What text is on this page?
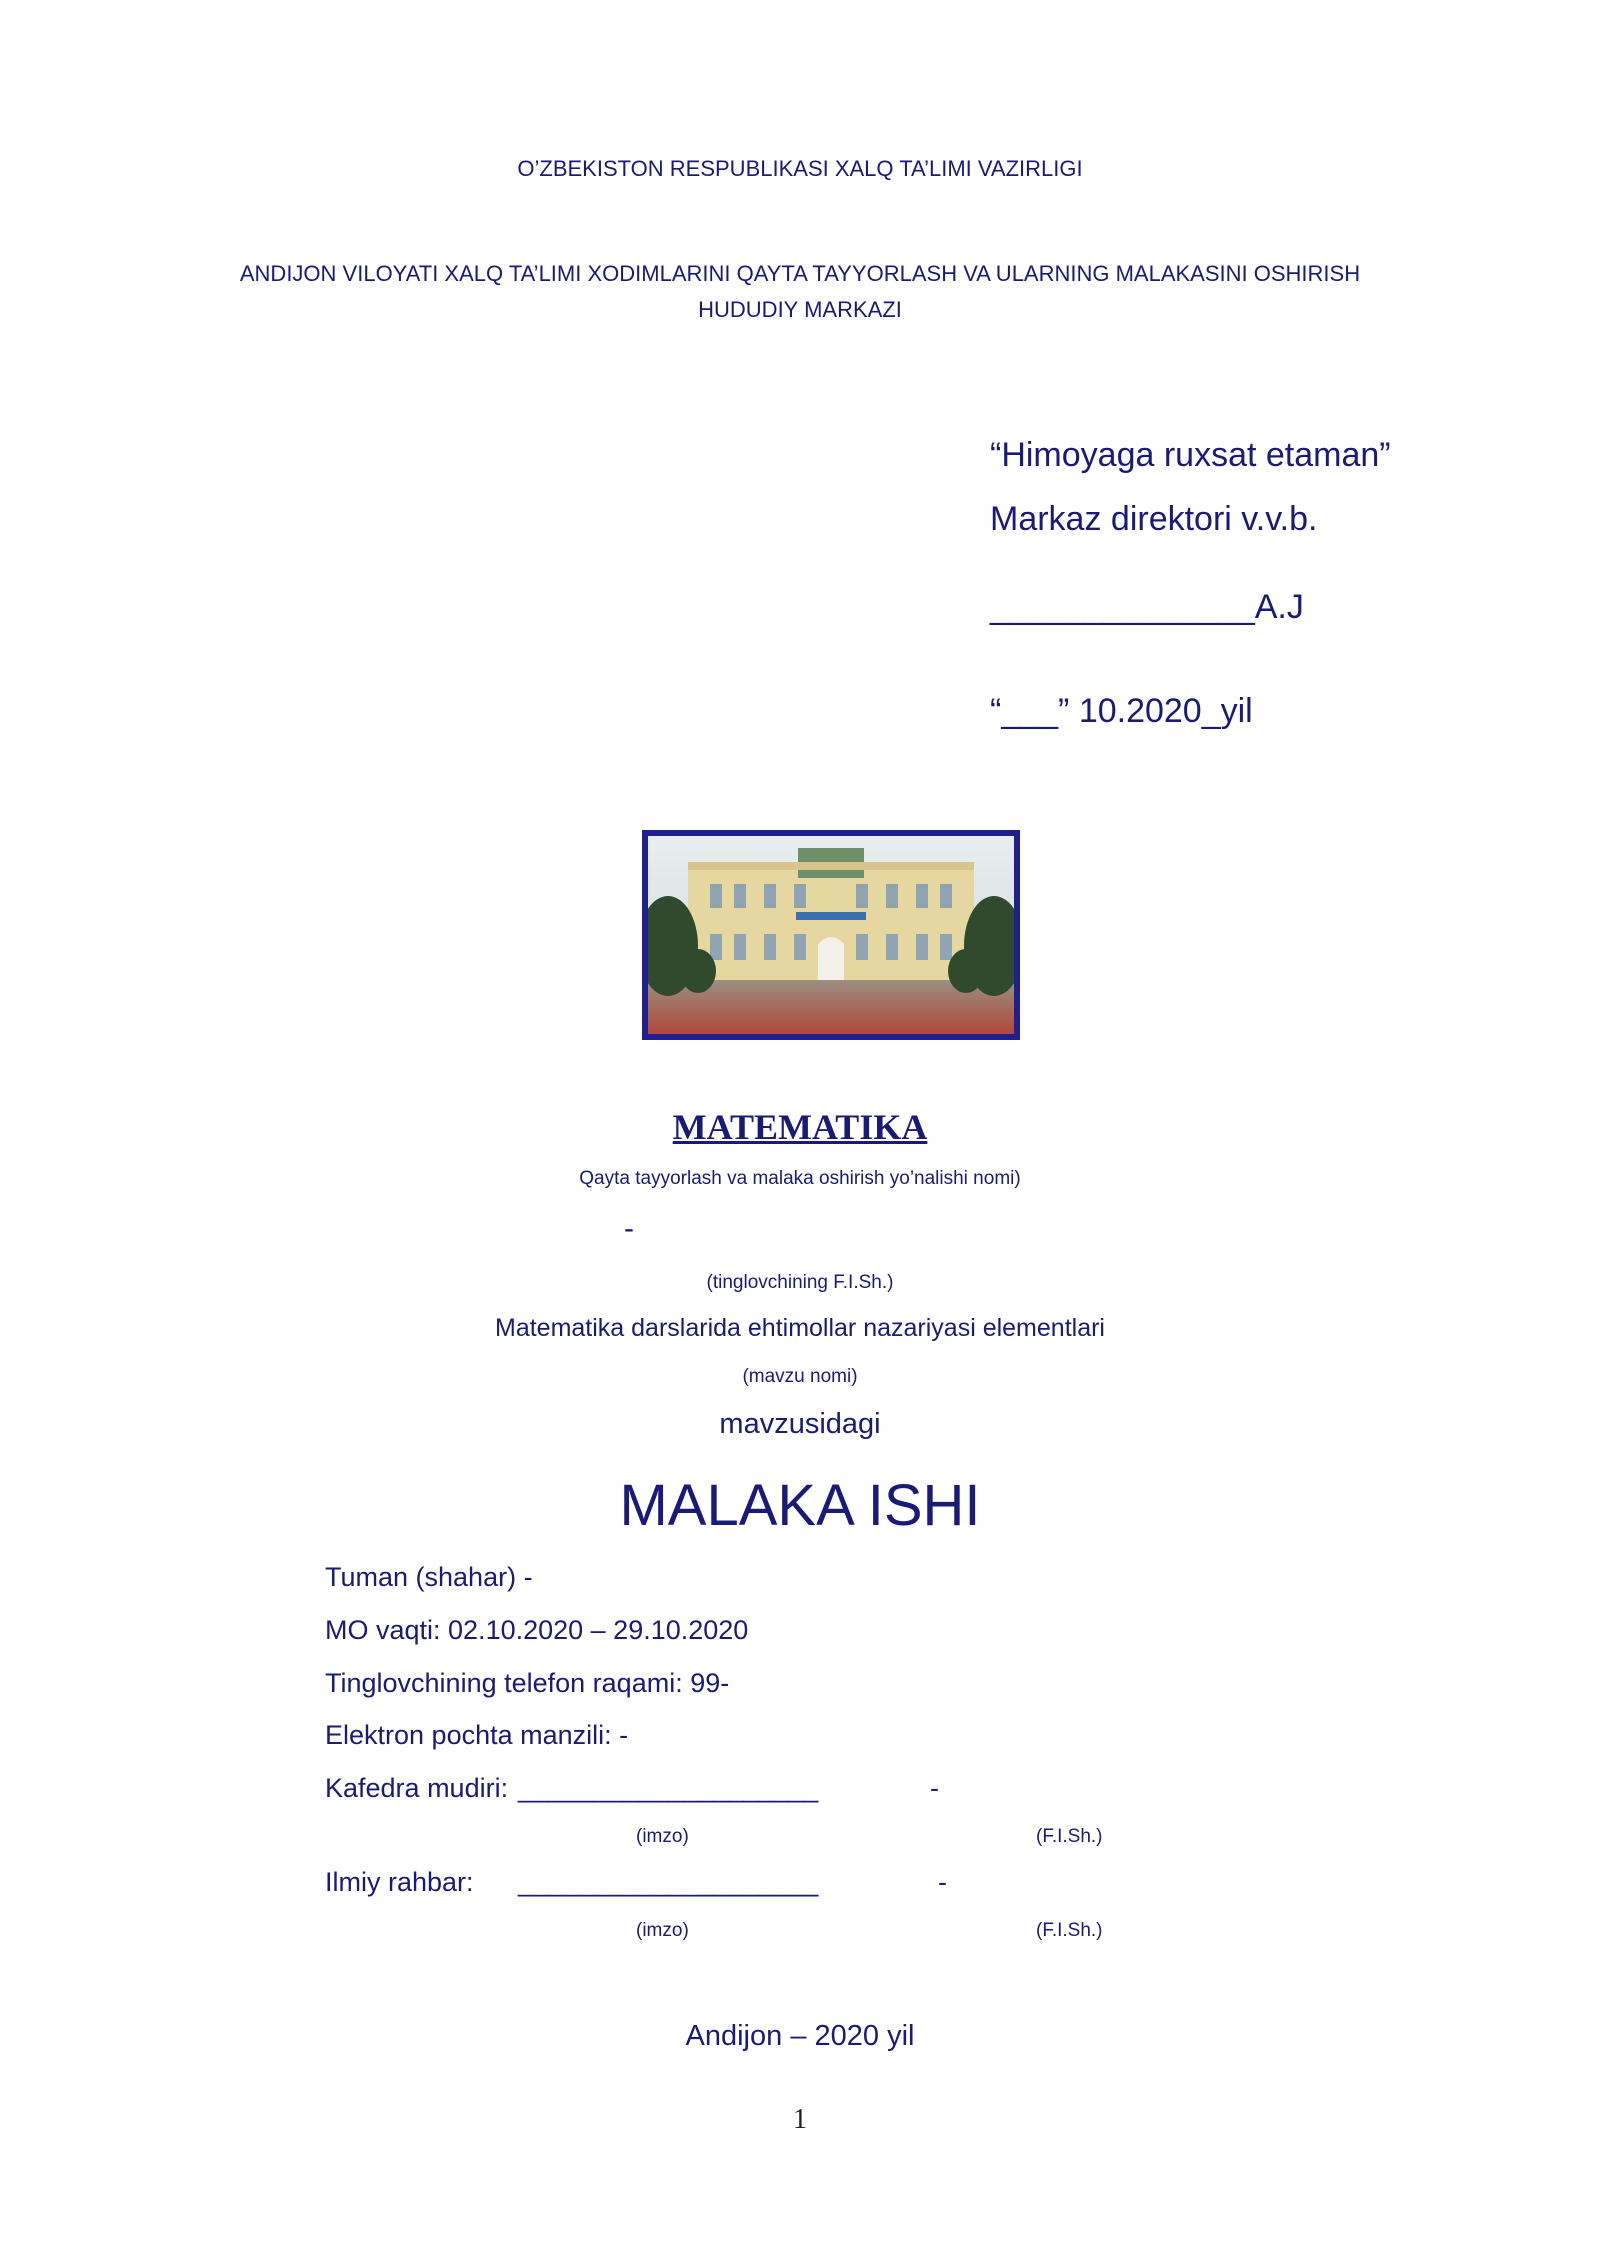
O’ZBEKISTON RESPUBLIKASI XALQ TA’LIMI VAZIRLIGI
ANDIJON VILOYATI XALQ TA’LIMI XODIMLARINI QAYTA TAYYORLASH VA ULARNING MALAKASINI OSHIRISH
HUDUDIY MARKAZI
“Himoyaga ruxsat etaman”
Markaz direktori v.v.b.
______________A.J
“___” 10.2020_yil
MATEMATIKA
Qayta tayyorlash va malaka oshirish yo’nalishi nomi)
-
(tinglovchining F.I.Sh.)
Matematika darslarida ehtimollar nazariyasi elementlari
(mavzu nomi)
mavzusidagi
MALAKA ISHI
Tuman (shahar) -
MO vaqti: 02.10.2020 – 29.10.2020
Tinglovchining telefon raqami: 99-
Elektron pochta manzili: -
Kafedra mudiri: ____________________	-
(imzo)	(F.I.Sh.)
Ilmiy rahbar: ____________________	-
(imzo)	(F.I.Sh.)
Andijon – 2020 yil
1
